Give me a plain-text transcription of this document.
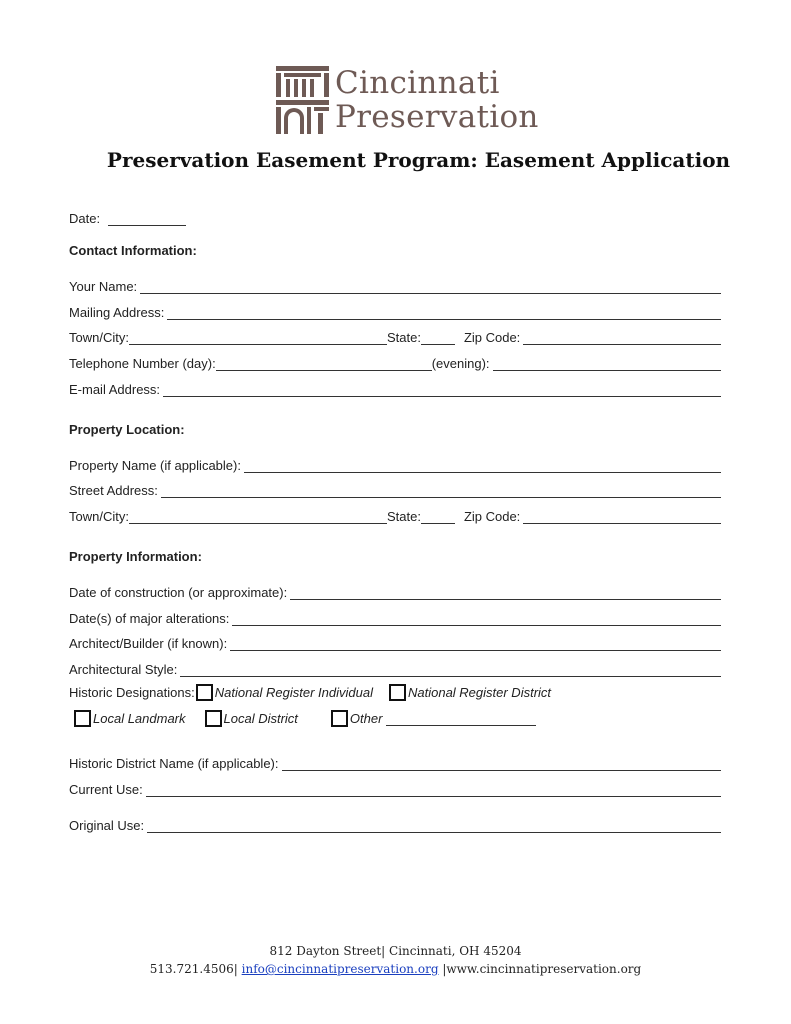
Cincinnati
Preservation
Preservation Easement Program: Easement Application
Date:
Contact Information:
Your Name:
Mailing Address:
Town/City:	State:	Zip Code:
Telephone Number (day):	(evening):
E-mail Address:
Property Location:
Property Name (if applicable):
Street Address:
Town/City:	State:	Zip Code:
Property Information:
Date of construction (or approximate):
Date(s) of major alterations:
Architect/Builder (if known):
Architectural Style:
Historic Designations: National Register Individual	National Register District
Local Landmark	Local District	Other
Historic District Name (if applicable):
Current Use:
Original Use:
812 Dayton Street| Cincinnati, OH 45204
513.721.4506| info@cincinnatipreservation.org |www.cincinnatipreservation.org
